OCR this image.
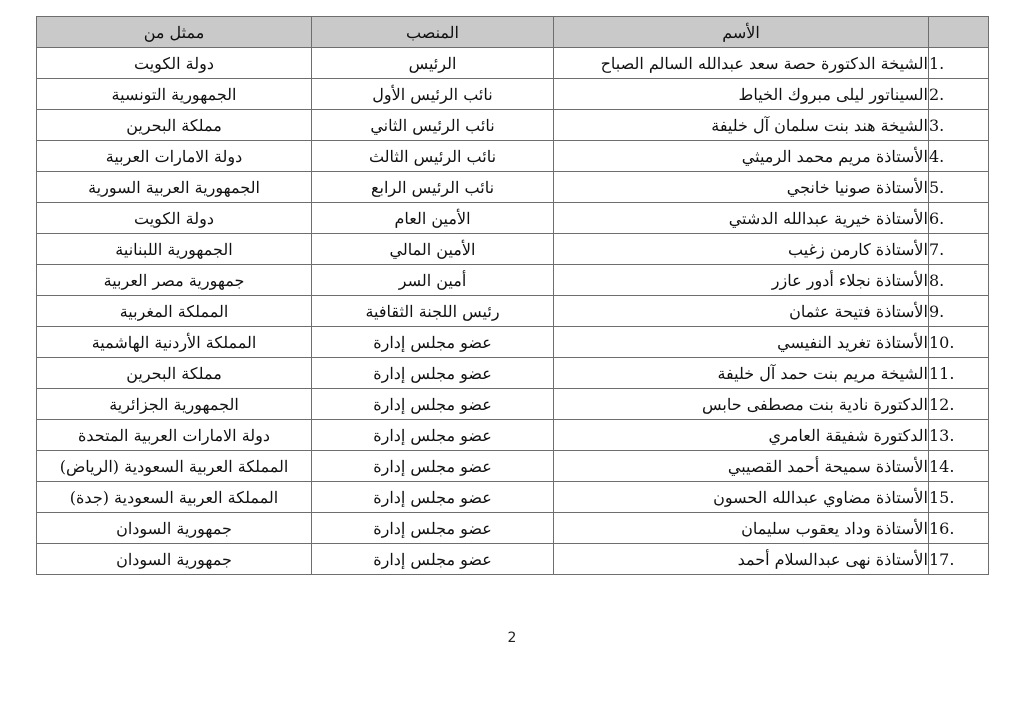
	الأسم	المنصب	ممثل من
1.	الشيخة الدكتورة حصة سعد عبدالله السالم الصباح	الرئيس	دولة الكويت
2.	السيناتور ليلى مبروك الخياط	نائب الرئيس الأول	الجمهورية التونسية
3.	الشيخة هند بنت سلمان آل خليفة	نائب الرئيس الثاني	مملكة البحرين
4.	الأستاذة مريم محمد الرميثي	نائب الرئيس الثالث	دولة الامارات العربية
5.	الأستاذة صونيا خانجي	نائب الرئيس الرابع	الجمهورية العربية السورية
6.	الأستاذة خيرية عبدالله الدشتي	الأمين العام	دولة الكويت
7.	الأستاذة كارمن زغيب	الأمين المالي	الجمهورية اللبنانية
8.	الأستاذة نجلاء أدور عازر	أمين السر	جمهورية مصر العربية
9.	الأستاذة فتيحة عثمان	رئيس اللجنة الثقافية	المملكة المغربية
10.	الأستاذة تغريد النفيسي	عضو مجلس إدارة	المملكة الأردنية الهاشمية
11.	الشيخة مريم بنت حمد آل خليفة	عضو مجلس إدارة	مملكة البحرين
12.	الدكتورة نادية بنت مصطفى حابس	عضو مجلس إدارة	الجمهورية الجزائرية
13.	الدكتورة شفيقة العامري	عضو مجلس إدارة	دولة الامارات العربية المتحدة
14.	الأستاذة سميحة أحمد القصيبي	عضو مجلس إدارة	المملكة العربية السعودية (الرياض)
15.	الأستاذة مضاوي عبدالله الحسون	عضو مجلس إدارة	المملكة العربية السعودية (جدة)
16.	الأستاذة وداد يعقوب سليمان	عضو مجلس إدارة	جمهورية السودان
17.	الأستاذة نهى عبدالسلام أحمد	عضو مجلس إدارة	جمهورية السودان
2
